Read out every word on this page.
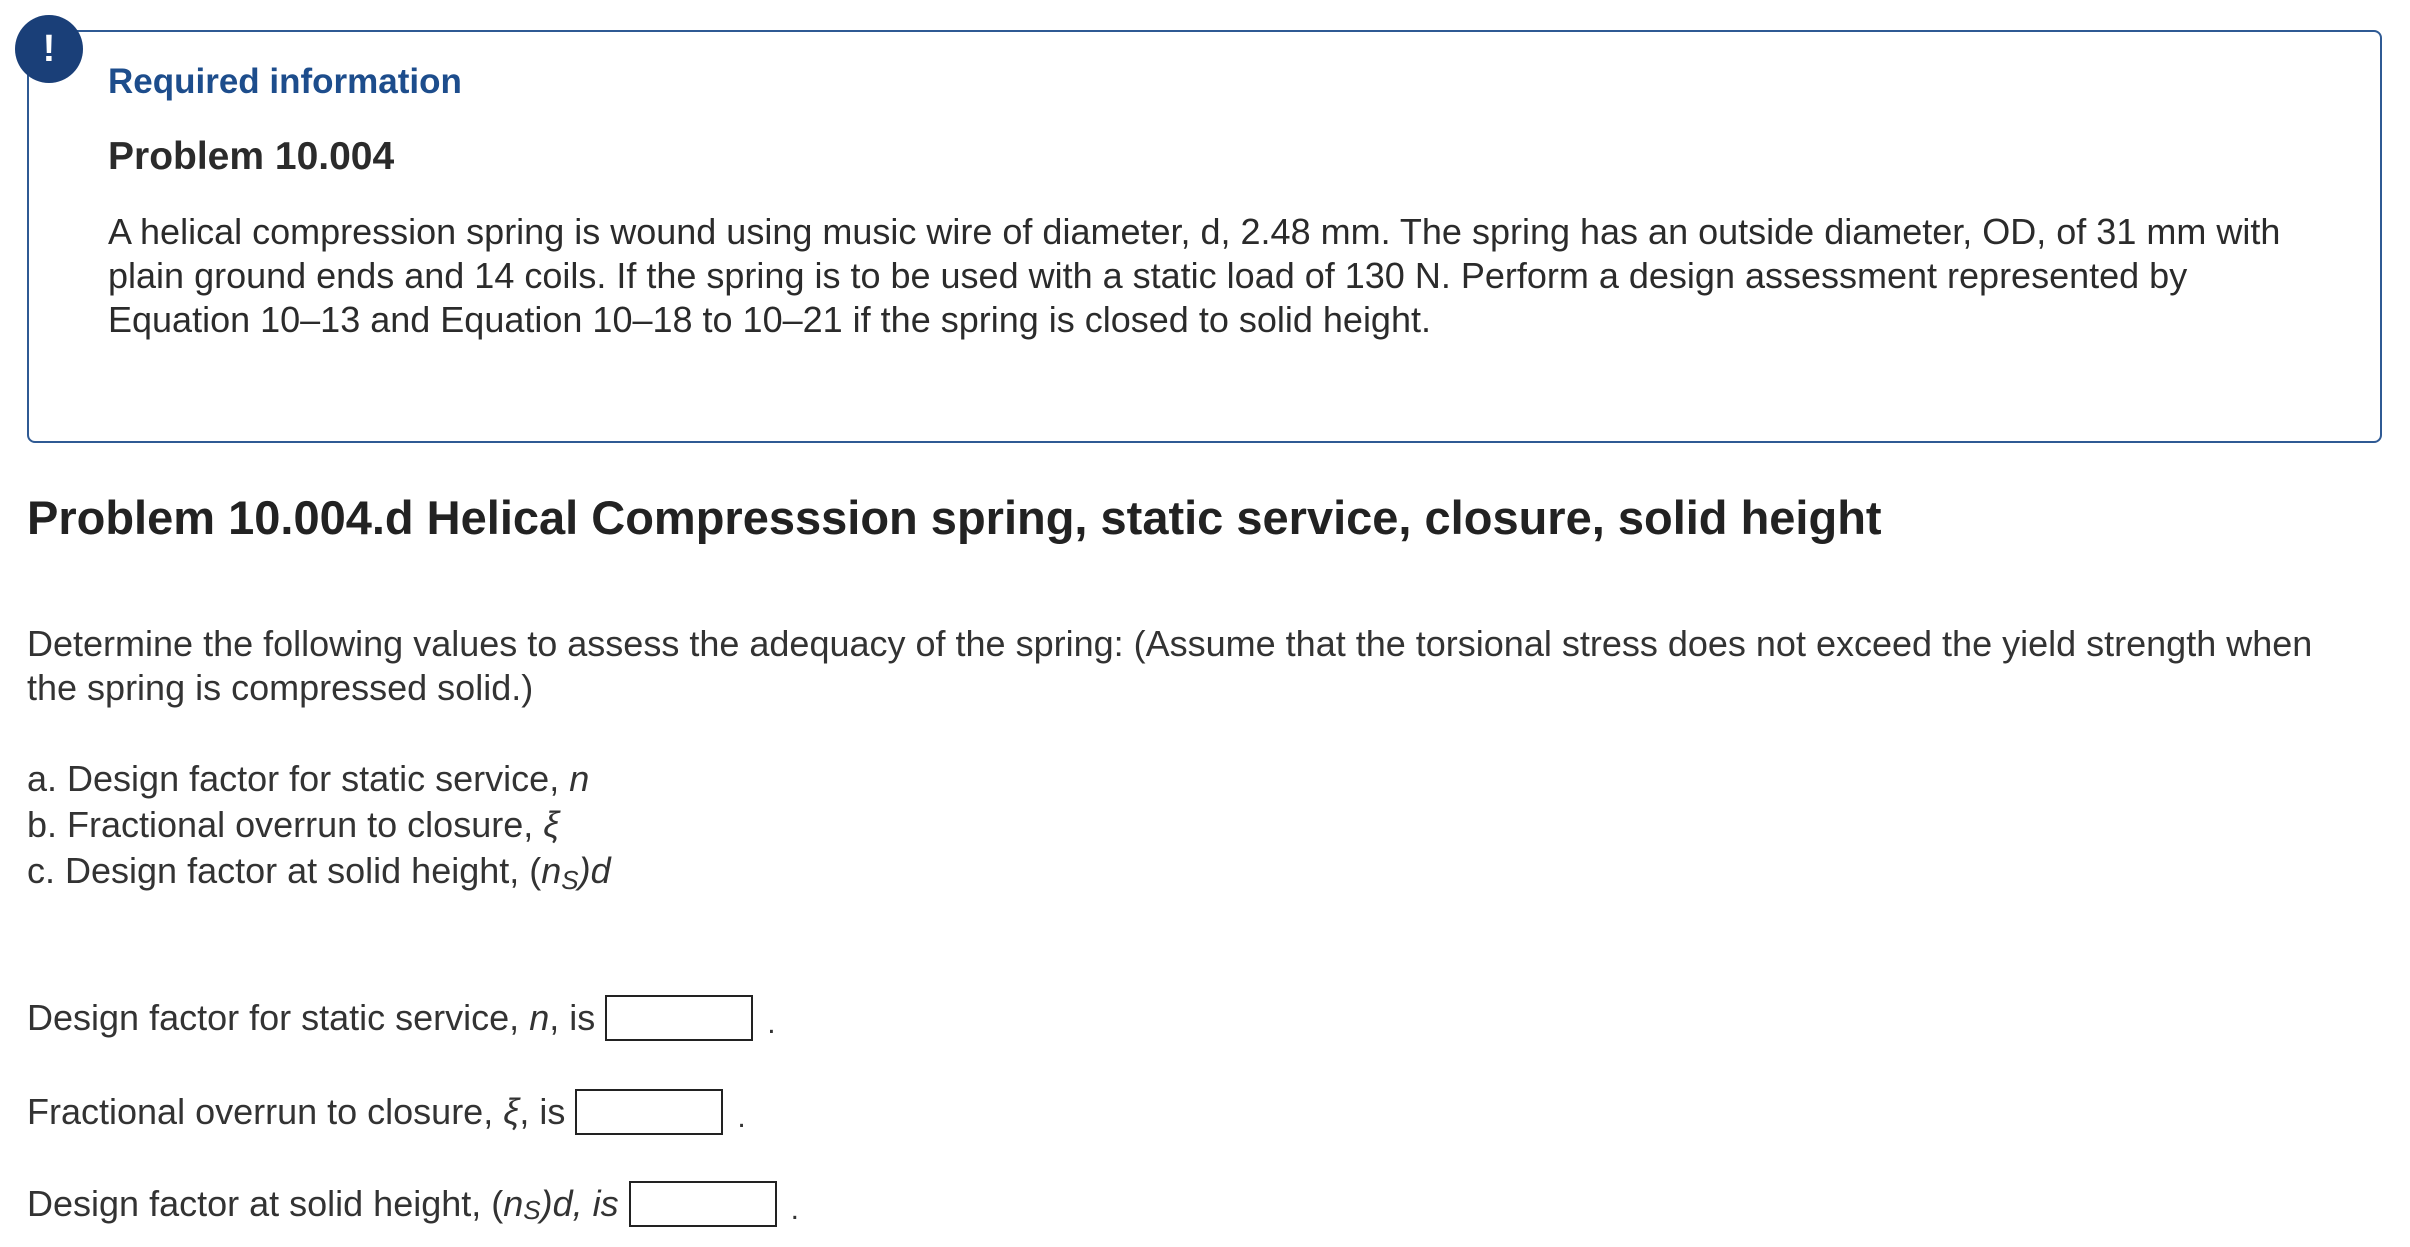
!
Required information
Problem 10.004

A helical compression spring is wound using music wire of diameter, d, 2.48 mm. The spring has an outside diameter, OD, of 31 mm with plain ground ends and 14 coils. If the spring is to be used with a static load of 130 N. Perform a design assessment represented by Equation 10–13 and Equation 10–18 to 10–21 if the spring is closed to solid height.

Problem 10.004.d Helical Compresssion spring, static service, closure, solid height

Determine the following values to assess the adequacy of the spring: (Assume that the torsional stress does not exceed the yield strength when the spring is compressed solid.)

a. Design factor for static service, n
b. Fractional overrun to closure, ξ
c. Design factor at solid height, (nS)d
Design factor for static service,
n , is	.
Fractional overrun to closure,
ξ , is	.
Design factor at solid height, ( n S )d, is	.
